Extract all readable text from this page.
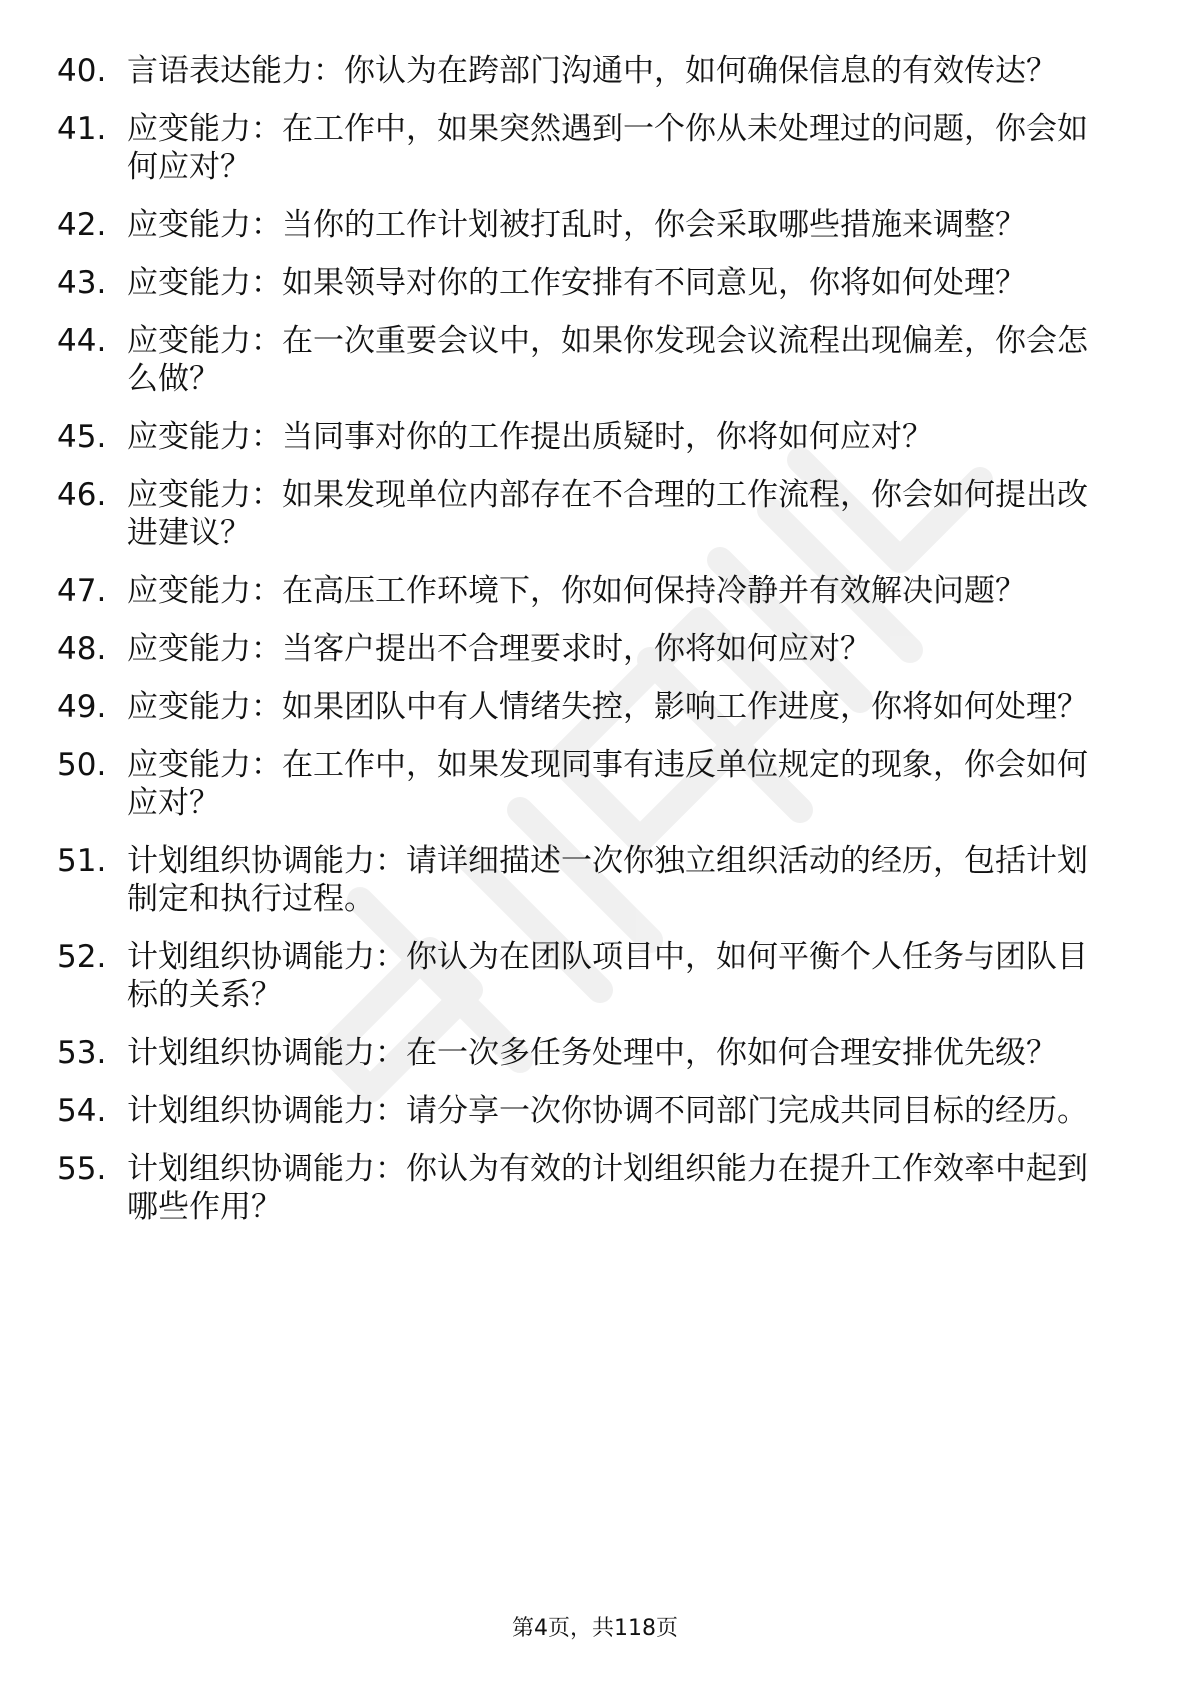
40. 言语表达能力：你认为在跨部门沟通中，如何确保信息的有效传达？
41. 应变能力：在工作中，如果突然遇到一个你从未处理过的问题，你会如何应对？
42. 应变能力：当你的工作计划被打乱时，你会采取哪些措施来调整？
43. 应变能力：如果领导对你的工作安排有不同意见，你将如何处理？
44. 应变能力：在一次重要会议中，如果你发现会议流程出现偏差，你会怎么做？
45. 应变能力：当同事对你的工作提出质疑时，你将如何应对？
46. 应变能力：如果发现单位内部存在不合理的工作流程，你会如何提出改进建议？
47. 应变能力：在高压工作环境下，你如何保持冷静并有效解决问题？
48. 应变能力：当客户提出不合理要求时，你将如何应对？
49. 应变能力：如果团队中有人情绪失控，影响工作进度，你将如何处理？
50. 应变能力：在工作中，如果发现同事有违反单位规定的现象，你会如何应对？
51. 计划组织协调能力：请详细描述一次你独立组织活动的经历，包括计划制定和执行过程。
52. 计划组织协调能力：你认为在团队项目中，如何平衡个人任务与团队目标的关系？
53. 计划组织协调能力：在一次多任务处理中，你如何合理安排优先级？
54. 计划组织协调能力：请分享一次你协调不同部门完成共同目标的经历。
55. 计划组织协调能力：你认为有效的计划组织能力在提升工作效率中起到哪些作用？
第4页，共118页
